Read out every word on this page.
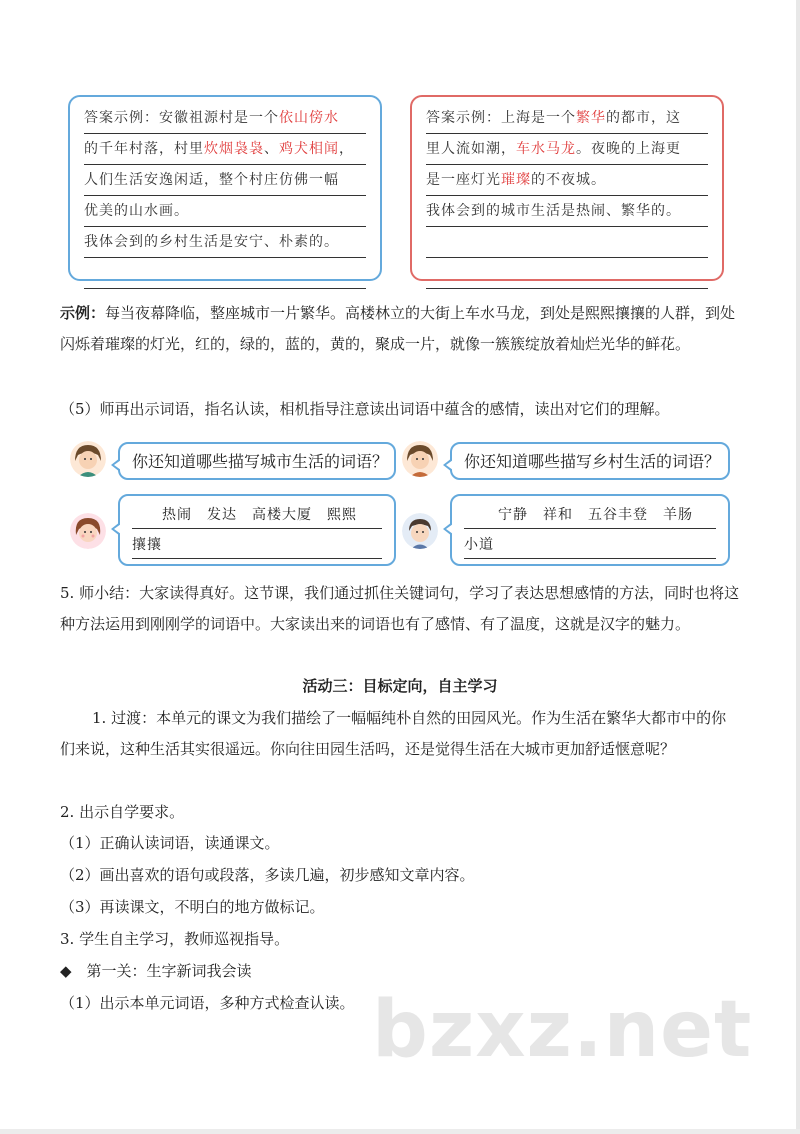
答案示例：安徽祖源村是一个依山傍水
的千年村落，村里炊烟袅袅、鸡犬相闻，
人们生活安逸闲适，整个村庄仿佛一幅
优美的山水画。
我体会到的乡村生活是安宁、朴素的。
答案示例：上海是一个繁华的都市，这
里人流如潮，车水马龙。夜晚的上海更
是一座灯光璀璨的不夜城。
我体会到的城市生活是热闹、繁华的。
示例：每当夜幕降临，整座城市一片繁华。高楼林立的大街上车水马龙，到处是熙熙攘攘的人群，到处闪烁着璀璨的灯光，红的，绿的，蓝的，黄的，聚成一片，就像一簇簇绽放着灿烂光华的鲜花。
（5）师再出示词语，指名认读，相机指导注意读出词语中蕴含的感情，读出对它们的理解。
你还知道哪些描写城市生活的词语？	你还知道哪些描写乡村生活的词语？
热闹　发达　高楼大厦　熙熙
攘攘
宁静　祥和　五谷丰登　羊肠
小道
5. 师小结：大家读得真好。这节课，我们通过抓住关键词句，学习了表达思想感情的方法，同时也将这种方法运用到刚刚学的词语中。大家读出来的词语也有了感情、有了温度，这就是汉字的魅力。
活动三：目标定向，自主学习
1. 过渡：本单元的课文为我们描绘了一幅幅纯朴自然的田园风光。作为生活在繁华大都市中的你们来说，这种生活其实很遥远。你向往田园生活吗，还是觉得生活在大城市更加舒适惬意呢？
2. 出示自学要求。
（1）正确认读词语，读通课文。
（2）画出喜欢的语句或段落，多读几遍，初步感知文章内容。
（3）再读课文，不明白的地方做标记。
3. 学生自主学习，教师巡视指导。
◆　第一关：生字新词我会读
（1）出示本单元词语，多种方式检查认读。 bzxz.net
